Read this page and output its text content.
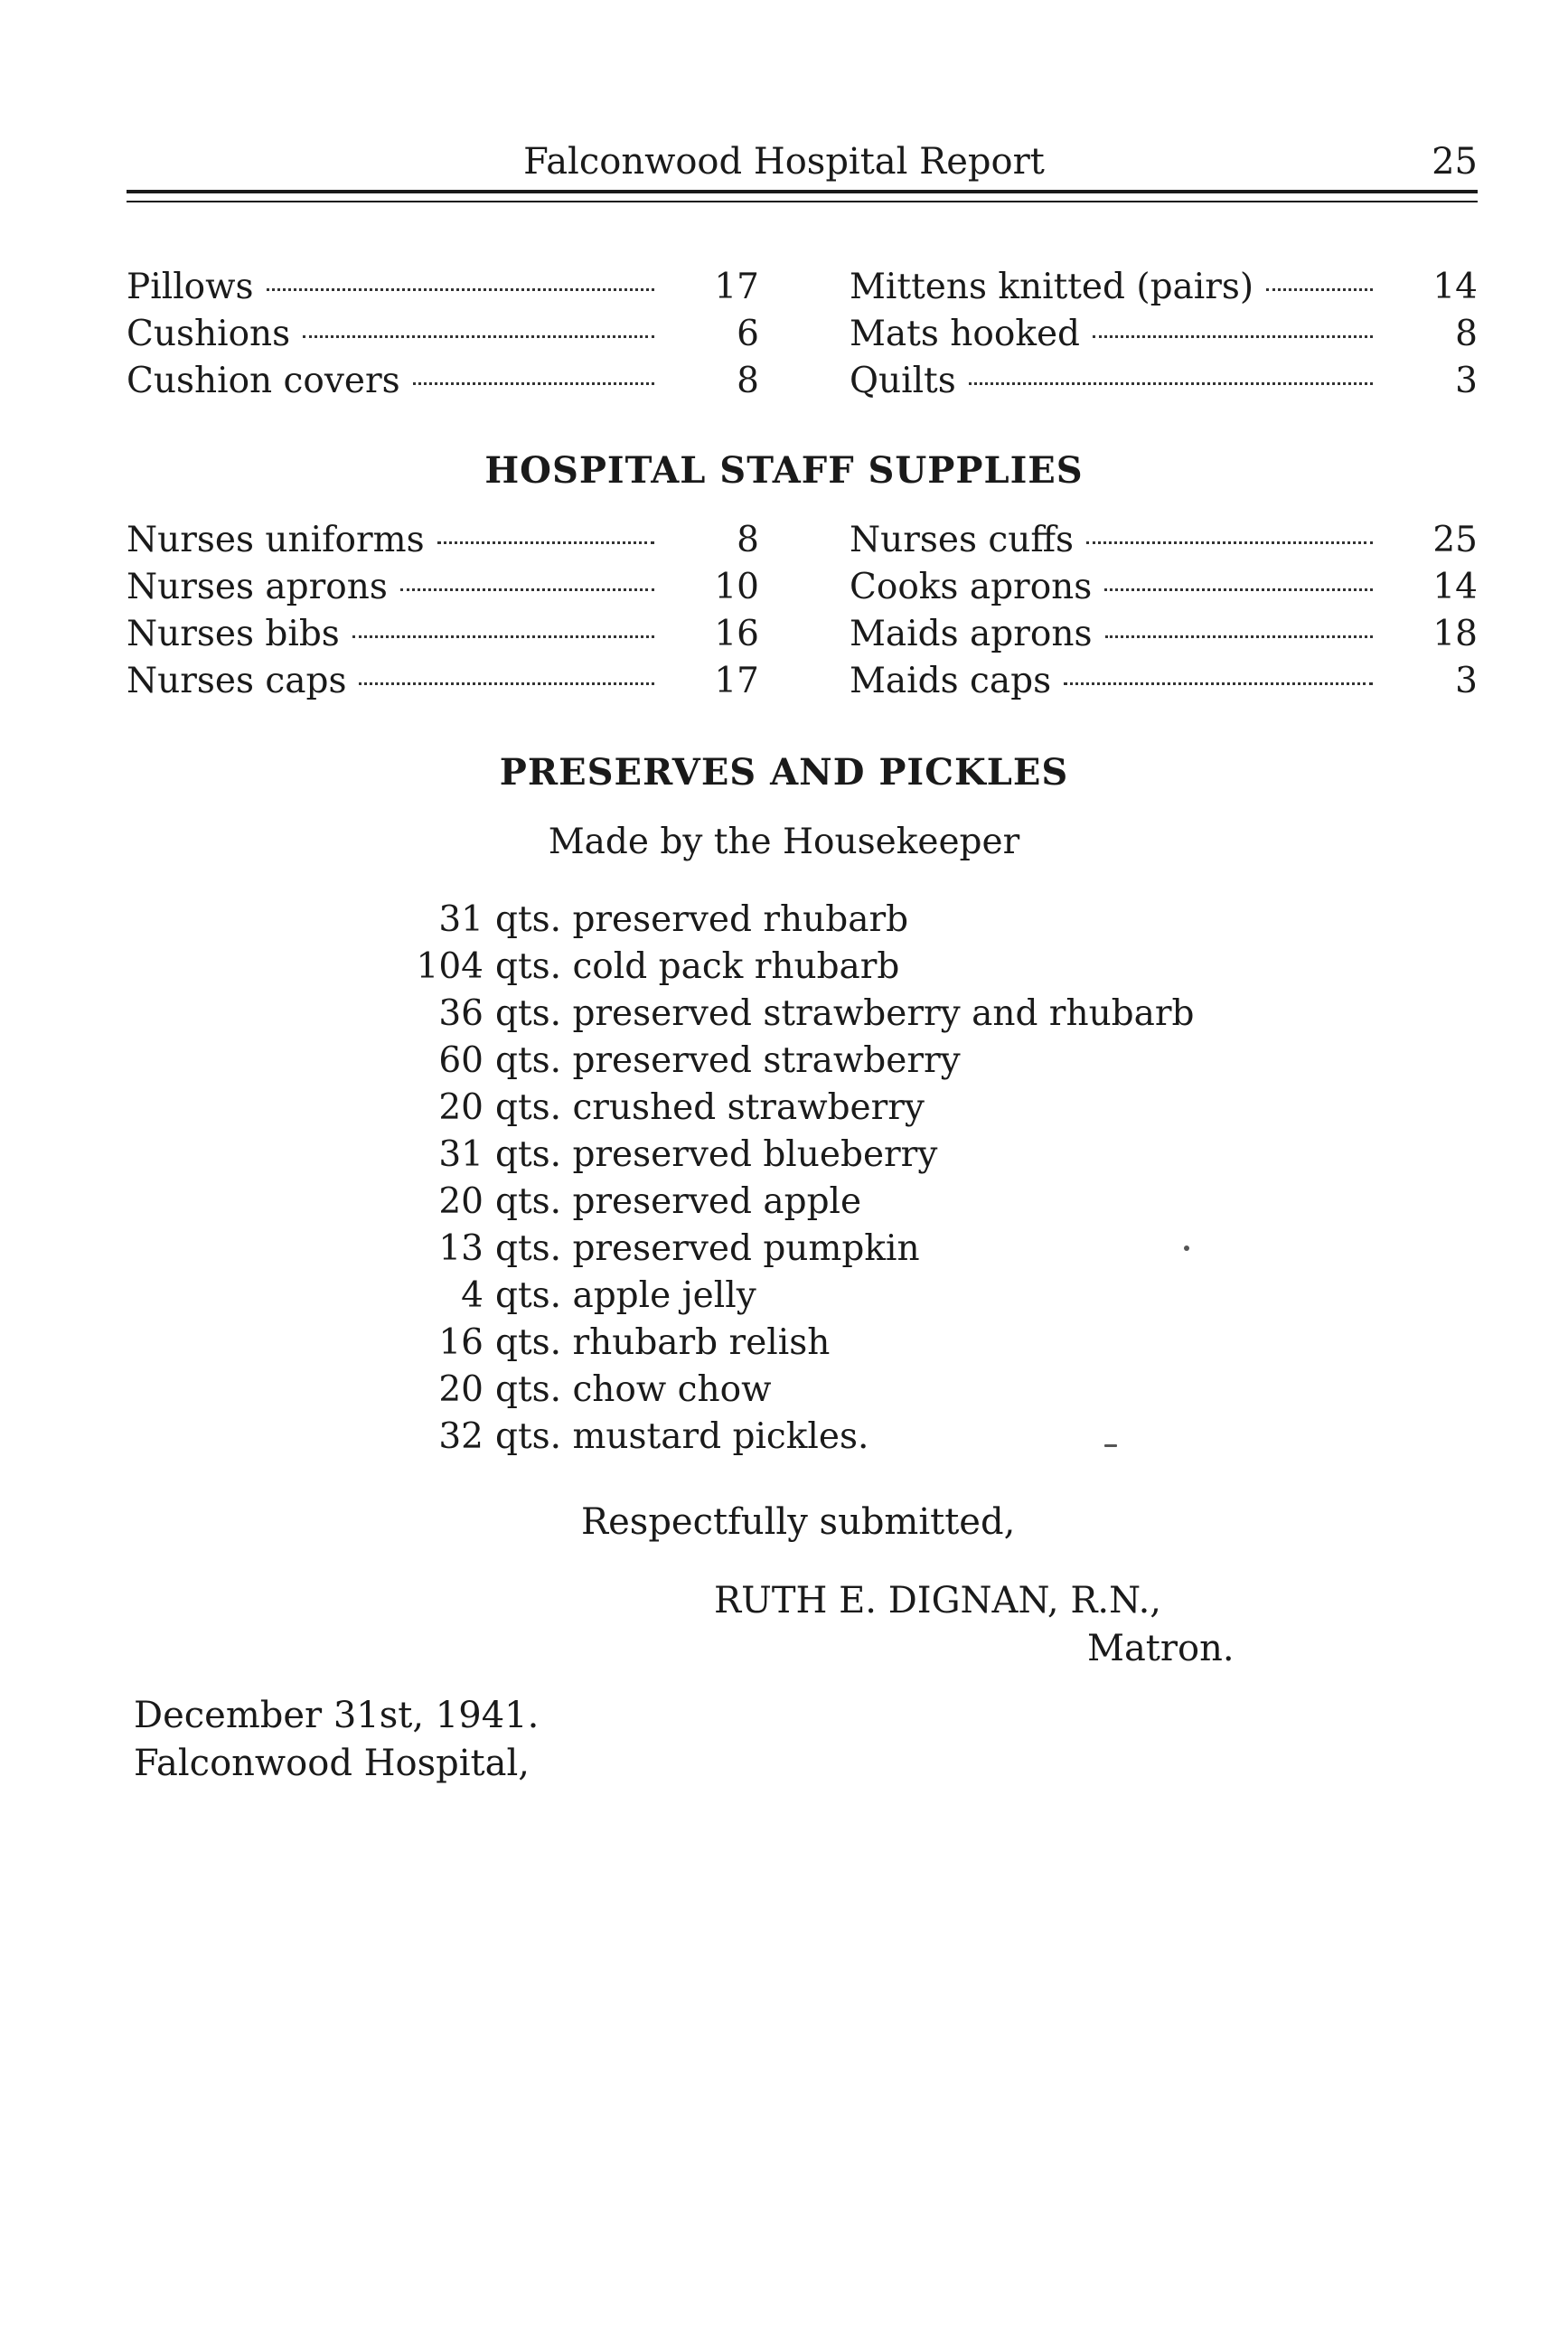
Falconwood Hospital Report	25
Pillows	17
Cushions	6
Cushion covers	8
Mittens knitted (pairs)	14
Mats hooked	8
Quilts	3
HOSPITAL STAFF SUPPLIES
Nurses uniforms	8
Nurses aprons	10
Nurses bibs	16
Nurses caps	17
Nurses cuffs	25
Cooks aprons	14
Maids aprons	18
Maids caps	3
PRESERVES AND PICKLES
Made by the Housekeeper
31 qts. preserved rhubarb
104 qts. cold pack rhubarb
36 qts. preserved strawberry and rhubarb
60 qts. preserved strawberry
20 qts. crushed strawberry
31 qts. preserved blueberry
20 qts. preserved apple
13 qts. preserved pumpkin
4 qts. apple jelly
16 qts. rhubarb relish
20 qts. chow chow
32 qts. mustard pickles.
Respectfully submitted,
RUTH E. DIGNAN, R.N.,
Matron.
December 31st, 1941.
Falconwood Hospital,
